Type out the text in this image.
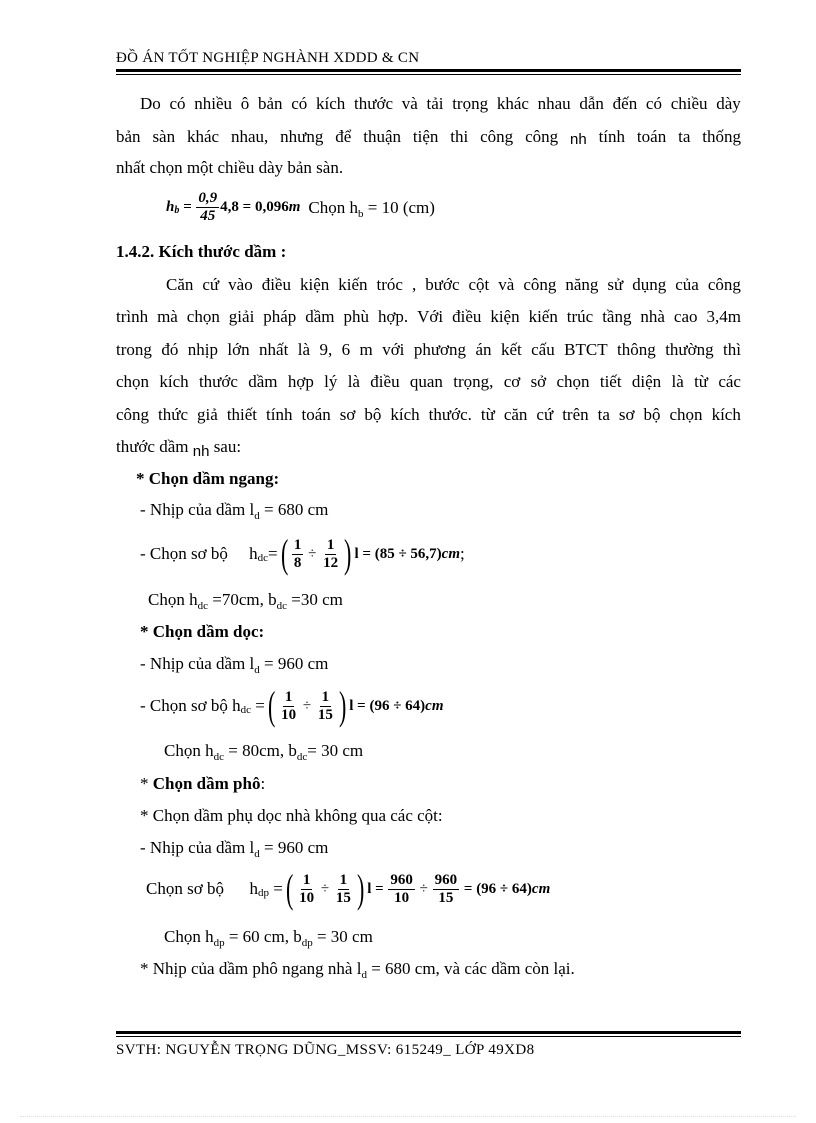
ĐỒ ÁN TỐT NGHIỆP NGHÀNH XDDD & CN
Do có nhiều ô bản có kích thước và tải trọng khác nhau dẫn đến có chiều dày
bản sàn khác nhau, nhưng để thuận tiện thi công công nh tính toán ta thống
nhất chọn một chiều dày bản sàn.
h $b = \frac{0,9}{45} 4,8 = 0,096$ m Chọn $h_b = 10$ (cm)
1.4.2. Kích thước dầm :
Căn cứ vào điều kiện kiến tróc , bước cột và công năng sử dụng của công
trình mà chọn giải pháp dầm phù hợp. Với điều kiện kiến trúc tầng nhà cao 3,4m
trong đó nhịp lớn nhất là 9, 6 m với phương án kết cấu BTCT thông thường thì
chọn kích thước dầm hợp lý là điều quan trọng, cơ sở chọn tiết diện là từ các
công thức giả thiết tính toán sơ bộ kích thước. từ căn cứ trên ta sơ bộ chọn kích
thước dầm nh sau:
* Chọn dầm ngang:
- Nhịp của dầm $l_d = 680$ cm
- Chọn sơ bộ     h dc = ( $\frac{1}{8} \div \frac{1}{12}$ ) l = (85 ÷ 56,7) cm ;
Chọn $h_{dc} =70cm$, $b_{dc} =30$ cm
* Chọn dầm dọc:
- Nhịp của dầm $l_d = 960$ cm
- Chọn sơ bộ h dc = ( $\frac{1}{10} \div \frac{1}{15}$ ) l = (96 ÷ 64) cm
Chọn $h_{dc} = 80cm$, $b_{dc}= 30$ cm
* Chọn dầm phô:
* Chọn dầm phụ dọc nhà không qua các cột:
- Nhịp của dầm $l_d = 960$ cm
Chọn sơ bộ      h dp = ( $\frac{1}{10} \div \frac{1}{15}$ ) $l = \frac{960}{10} \div \frac{960}{15}$
= (96 ÷ 64) cm
Chọn $h_{dp} = 60$ cm, $b_{dp} = 30$ cm
* Nhịp của dầm phô ngang nhà $l_d = 680$ cm, và các dầm còn lại.
SVTH: NGUYỄN TRỌNG DŨNG_MSSV: 615249_ LỚP 49XD8
